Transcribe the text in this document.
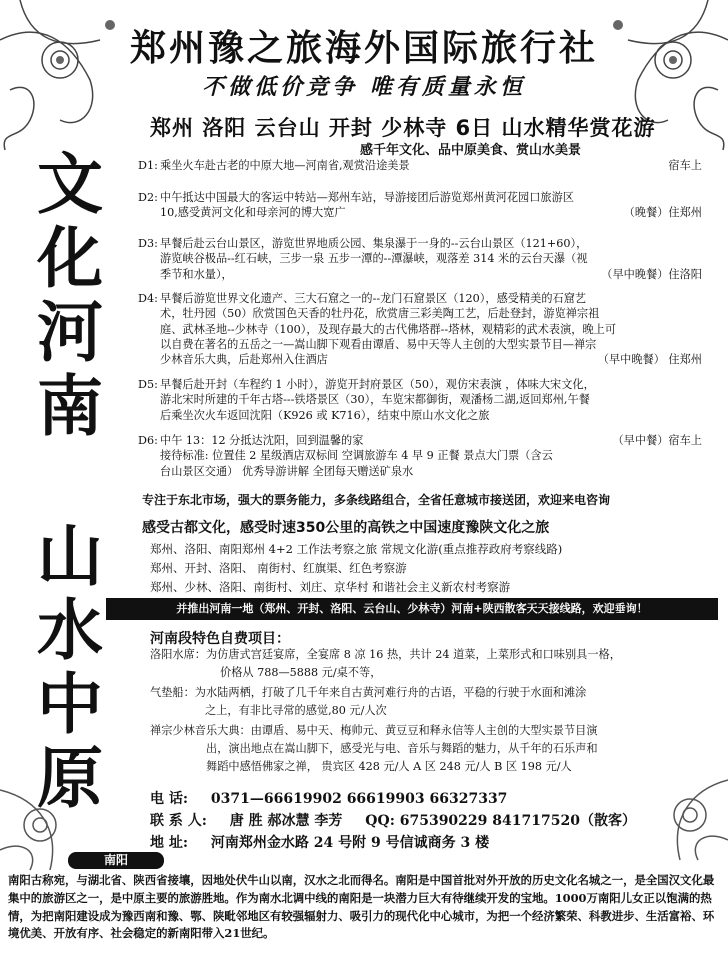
郑州豫之旅海外国际旅行社
不做低价竞争 唯有质量永恒
郑州 洛阳 云台山 开封 少林寺 6日 山水精华赏花游
感千年文化、品中原美食、赏山水美景
文
化
河
南
山
水
中
原
D1:	宿车上
乘坐火车赴古老的中原大地—河南省,观赏沿途美景
D2: 中午抵达中国最大的客运中转站—郑州车站，导游接团后游览郑州黄河花园口旅游区
（晚餐）住郑州
10,感受黄河文化和母亲河的博大宽广
D3: 早餐后赴云台山景区，游览世界地质公园、集泉瀑于一身的--云台山景区（121+60），
游览峡谷极品--红石峡，三步一泉 五步一潭的--潭瀑峡，观落差 314 米的云台天瀑（视
（早中晚餐）住洛阳
季节和水量），
D4: 早餐后游览世界文化遗产、三大石窟之一的--龙门石窟景区（120），感受精美的石窟艺
术，牡丹园（50）欣赏国色天香的牡丹花，欣赏唐三彩美陶工艺，后赴登封，游览禅宗祖
庭、武林圣地--少林寺（100），及现存最大的古代佛塔群--塔林，观精彩的武术表演，晚上可
以自费在著名的五岳之一—嵩山脚下观看由谭盾、易中天等人主创的大型实景节目—禅宗
（早中晚餐） 住郑州
少林音乐大典，后赴郑州入住酒店
D5: 早餐后赴开封（车程约 1 小时），游览开封府景区（50），观仿宋表演 ，体味大宋文化，
游北宋时所建的千年古塔---铁塔景区（30），车览宋都御街，观潘杨二湖,返回郑州,午餐
后乘坐次火车返回沈阳（K926 或 K716），结束中原山水文化之旅
D6:	（早中餐）宿车上
中午 13：12 分抵达沈阳，回到温馨的家
接待标准: 位置佳 2 星级酒店双标间 空调旅游车 4 早 9 正餐 景点大门票（含云
台山景区交通） 优秀导游讲解 全团每天赠送矿泉水
专注于东北市场，强大的票务能力，多条线路组合，全省任意城市接送团，欢迎来电咨询
感受古都文化，感受时速350公里的高铁之中国速度豫陕文化之旅
郑州、洛阳、南阳郑州 4+2 工作法考察之旅 常规文化游(重点推荐政府考察线路)
郑州、开封、洛阳、 南街村、红旗渠、红色考察游
郑州、少林、洛阳、南街村、刘庄、京华村 和谐社会主义新农村考察游
并推出河南一地（郑州、开封、洛阳、云台山、少林寺）河南+陕西散客天天接线路，欢迎垂询！
河南段特色自费项目：
洛阳水席：为仿唐式宫廷宴席，全宴席 8 凉 16 热，共计 24 道菜，上菜形式和口味别具一格，
价格从 788—5888 元/桌不等，
气垫船：为水陆两栖，打破了几千年来自古黄河难行舟的古语，平稳的行驶于水面和滩涂
之上，有非比寻常的感觉,80 元/人次
禅宗少林音乐大典：由谭盾、易中天、梅帅元、黄豆豆和释永信等人主创的大型实景节目演
出，演出地点在嵩山脚下，感受光与电、音乐与舞蹈的魅力，从千年的石乐声和
舞蹈中感悟佛家之禅， 贵宾区 428 元/人 A 区 248 元/人 B 区 198 元/人
电 话: 0371—66619902 66619903 66327337
联 系 人: 唐 胜 郝冰慧 李芳 QQ: 675390229 841717520（散客）
地 址: 河南郑州金水路 24 号附 9 号信诚商务 3 楼
南阳
南阳古称宛，与湖北省、陕西省接壤，因地处伏牛山以南，汉水之北而得名。南阳是中国首批对外开放的历史文化名城之一，是全国汉文化最集中的旅游区之一，是中原主要的旅游胜地。作为南水北调中线的南阳是一块潜力巨大有待继续开发的宝地。1000万南阳儿女正以饱满的热情，为把南阳建设成为豫西南和豫、鄂、陕毗邻地区有较强辐射力、吸引力的现代化中心城市，为把一个经济繁荣、科教进步、生活富裕、环境优美、开放有序、社会稳定的新南阳带入21世纪。
